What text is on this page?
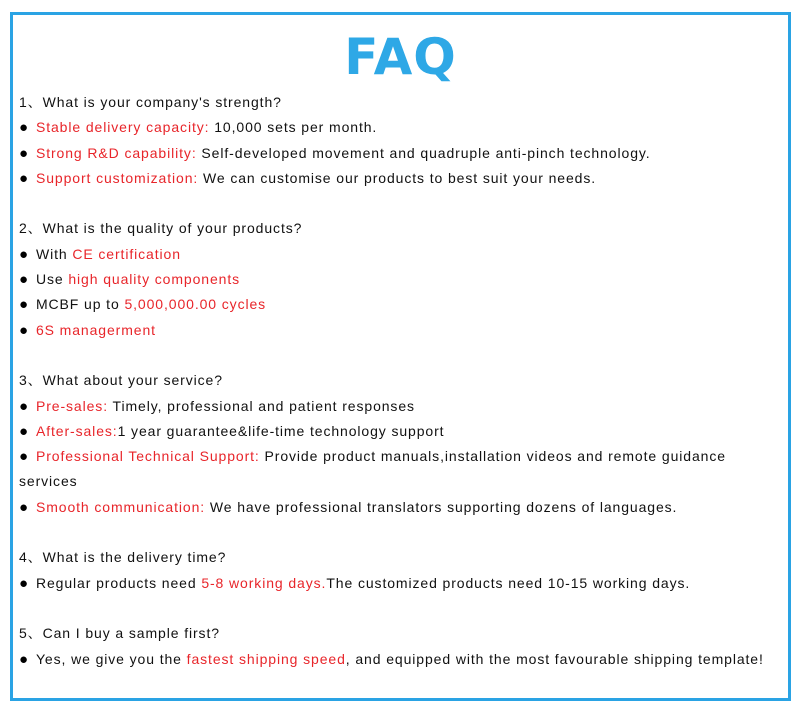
FAQ

1、What is your company's strength?

● Stable delivery capacity: 10,000 sets per month.

● Strong R&D capability: Self-developed movement and quadruple anti-pinch technology.

● Support customization: We can customise our products to best suit your needs.

2、What is the quality of your products?

● With CE certification

● Use high quality components

● MCBF up to 5,000,000.00 cycles

● 6S managerment

3、What about your service?

● Pre-sales: Timely, professional and patient responses

● After-sales:1 year guarantee&life-time technology support

● Professional Technical Support: Provide product manuals,installation videos and remote guidance services

● Smooth communication: We have professional translators supporting dozens of languages.

4、What is the delivery time?

● Regular products need 5-8 working days.The customized products need 10-15 working days.

5、Can I buy a sample first?

● Yes, we give you the fastest shipping speed, and equipped with the most favourable shipping template!
